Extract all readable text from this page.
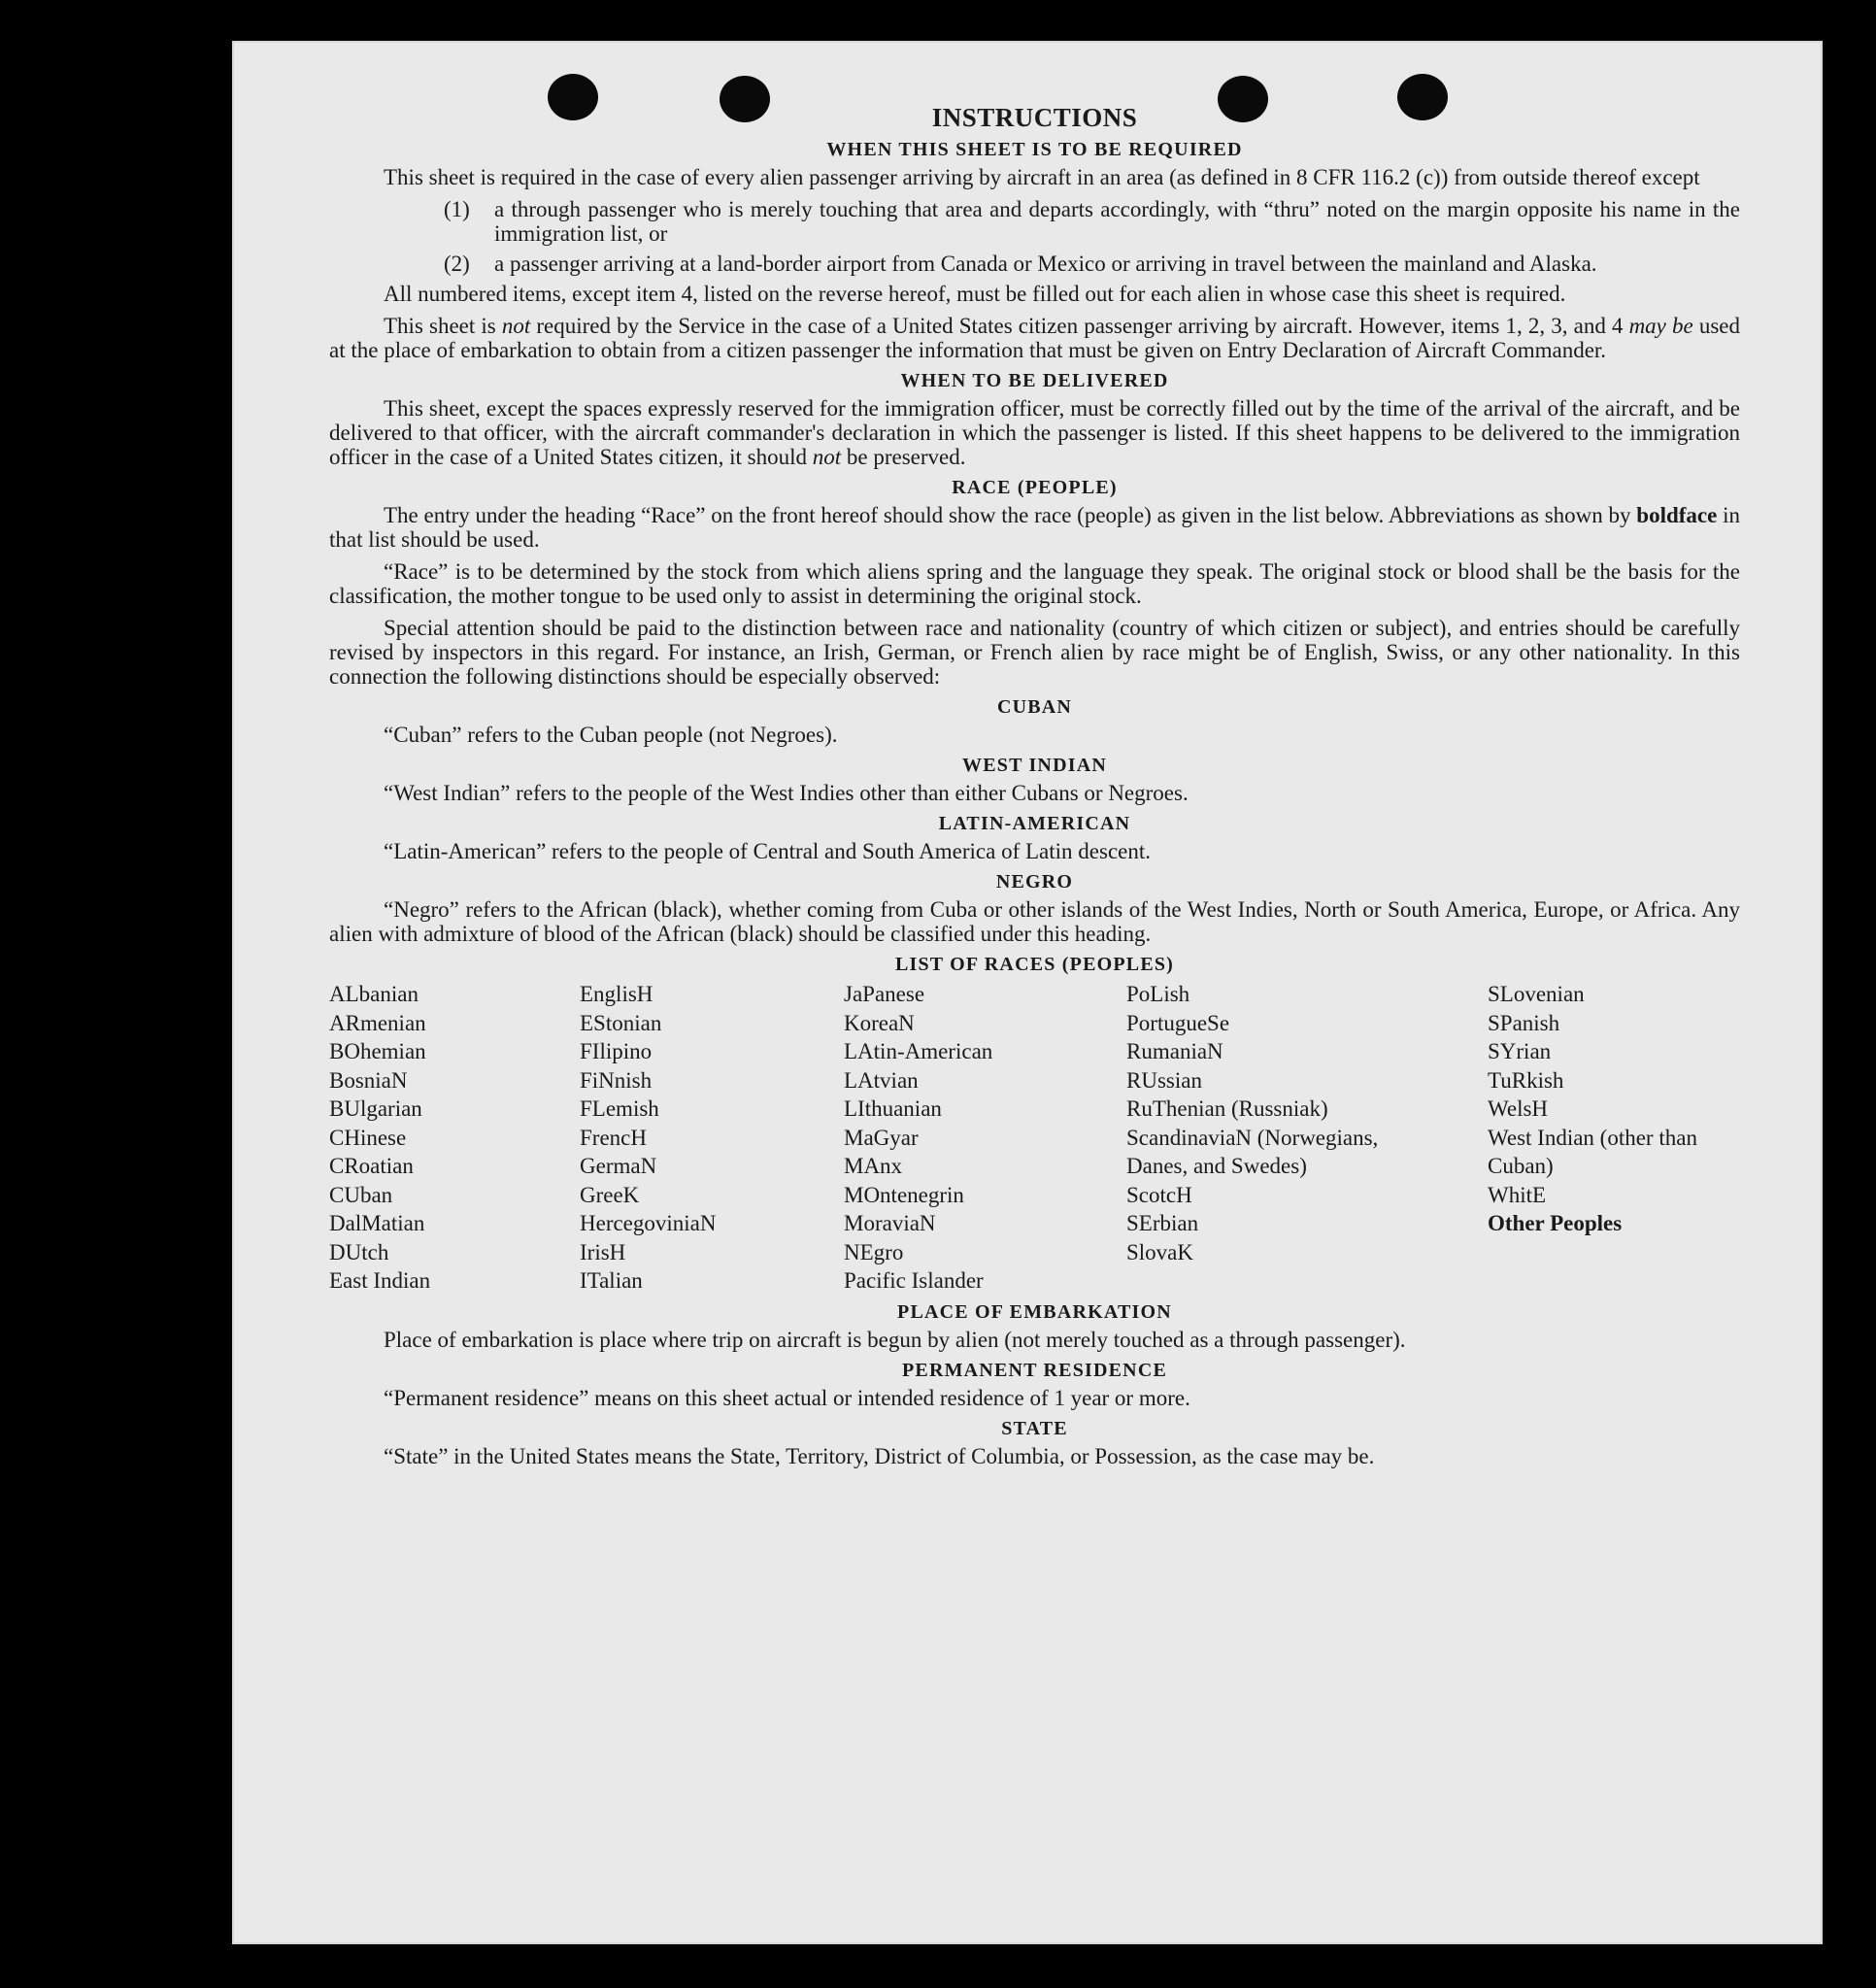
INSTRUCTIONS
WHEN THIS SHEET IS TO BE REQUIRED

This sheet is required in the case of every alien passenger arriving by aircraft in an area (as defined in 8 CFR 116.2 (c)) from outside thereof except

(1)	a through passenger who is merely touching that area and departs accordingly, with “thru” noted on the margin opposite his name in the immigration list, or
(2)	a passenger arriving at a land-border airport from Canada or Mexico or arriving in travel between the mainland and Alaska.

All numbered items, except item 4, listed on the reverse hereof, must be filled out for each alien in whose case this sheet is required.

This sheet is not required by the Service in the case of a United States citizen passenger arriving by aircraft. However, items 1, 2, 3, and 4 may be used at the place of embarkation to obtain from a citizen passenger the information that must be given on Entry Declaration of Aircraft Commander.

WHEN TO BE DELIVERED

This sheet, except the spaces expressly reserved for the immigration officer, must be correctly filled out by the time of the arrival of the aircraft, and be delivered to that officer, with the aircraft commander's declaration in which the passenger is listed. If this sheet happens to be delivered to the immigration officer in the case of a United States citizen, it should not be preserved.

RACE (PEOPLE)

The entry under the heading “Race” on the front hereof should show the race (people) as given in the list below. Abbreviations as shown by boldface in that list should be used.

“Race” is to be determined by the stock from which aliens spring and the language they speak. The original stock or blood shall be the basis for the classification, the mother tongue to be used only to assist in determining the original stock.

Special attention should be paid to the distinction between race and nationality (country of which citizen or subject), and entries should be carefully revised by inspectors in this regard. For instance, an Irish, German, or French alien by race might be of English, Swiss, or any other nationality. In this connection the following distinctions should be especially observed:

CUBAN

“Cuban” refers to the Cuban people (not Negroes).

WEST INDIAN

“West Indian” refers to the people of the West Indies other than either Cubans or Negroes.

LATIN-AMERICAN

“Latin-American” refers to the people of Central and South America of Latin descent.

NEGRO

“Negro” refers to the African (black), whether coming from Cuba or other islands of the West Indies, North or South America, Europe, or Africa. Any alien with admixture of blood of the African (black) should be classified under this heading.

LIST OF RACES (PEOPLES)
ALbanian
ARmenian
BOhemian
BosniaN
BUlgarian
CHinese
CRoatian
CUban
DalMatian
DUtch
East Indian
EnglisH
EStonian
FIlipino
FiNnish
FLemish
FrencH
GermaN
GreeK
HercegoviniaN
IrisH
ITalian
JaPanese
KoreaN
LAtin-American
LAtvian
LIthuanian
MaGyar
MAnx
MOntenegrin
MoraviaN
NEgro
Pacific Islander
PoLish
PortugueSe
RumaniaN
RUssian
RuThenian (Russniak)
ScandinaviaN (Norwegians, Danes, and Swedes)
ScotcH
SErbian
SlovaK
SLovenian
SPanish
SYrian
TuRkish
WelsH
West Indian (other than Cuban)
WhitE
Other Peoples
PLACE OF EMBARKATION

Place of embarkation is place where trip on aircraft is begun by alien (not merely touched as a through passenger).

PERMANENT RESIDENCE

“Permanent residence” means on this sheet actual or intended residence of 1 year or more.

STATE

“State” in the United States means the State, Territory, District of Columbia, or Possession, as the case may be.
